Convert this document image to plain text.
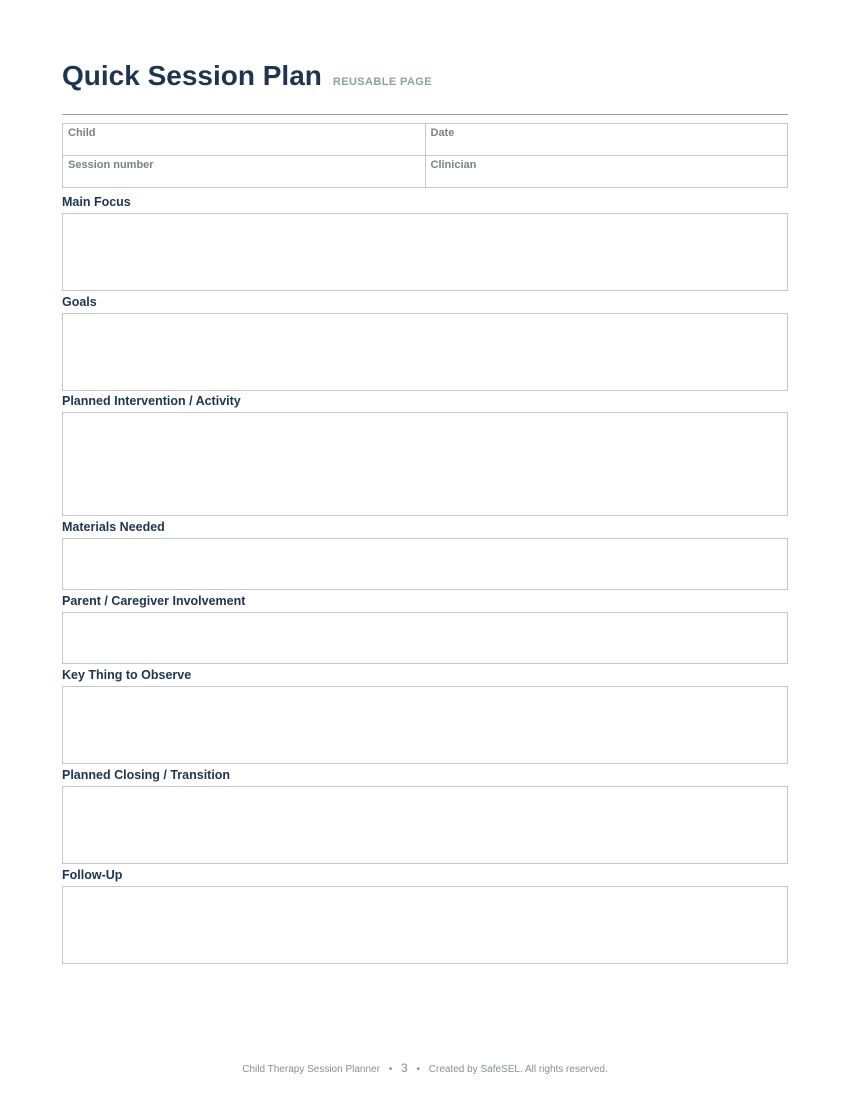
Quick Session Plan REUSABLE PAGE
Child	Date
Session number	Clinician
Main Focus
Goals
Planned Intervention / Activity
Materials Needed
Parent / Caregiver Involvement
Key Thing to Observe
Planned Closing / Transition
Follow-Up
Child Therapy Session Planner • 3 • Created by SafeSEL. All rights reserved.
